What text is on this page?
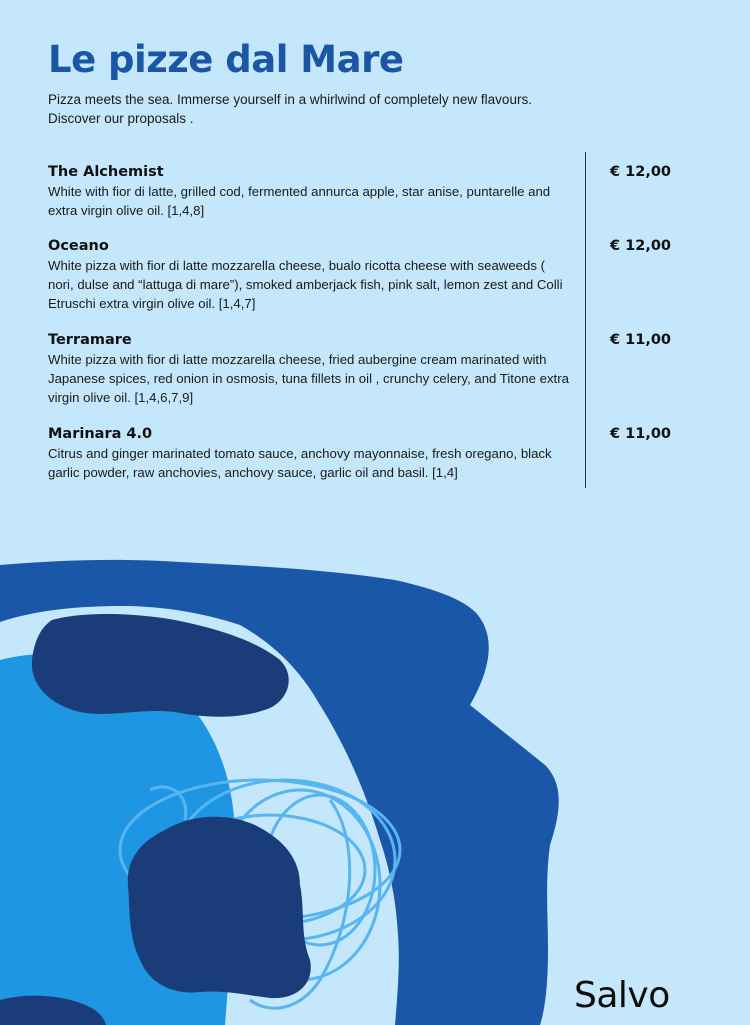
Le pizze dal Mare

Pizza meets the sea. Immerse yourself in a whirlwind of completely new flavours.

Discover our proposals .

The Alchemist
White with fior di latte, grilled cod, fermented annurca apple, star anise, puntarelle and extra virgin olive oil. [1,4,8]
€ 12,00
Oceano
White pizza with fior di latte mozzarella cheese, bualo ricotta cheese with seaweeds ( nori, dulse and “lattuga di mare”), smoked amberjack fish, pink salt, lemon zest and Colli Etruschi extra virgin olive oil. [1,4,7]
€ 12,00
Terramare
White pizza with fior di latte mozzarella cheese, fried aubergine cream marinated with Japanese spices, red onion in osmosis, tuna fillets in oil , crunchy celery, and Titone extra virgin olive oil. [1,4,6,7,9]
€ 11,00
Marinara 4.0
Citrus and ginger marinated tomato sauce, anchovy mayonnaise, fresh oregano, black garlic powder, raw anchovies, anchovy sauce, garlic oil and basil. [1,4]
€ 11,00
Salvo
